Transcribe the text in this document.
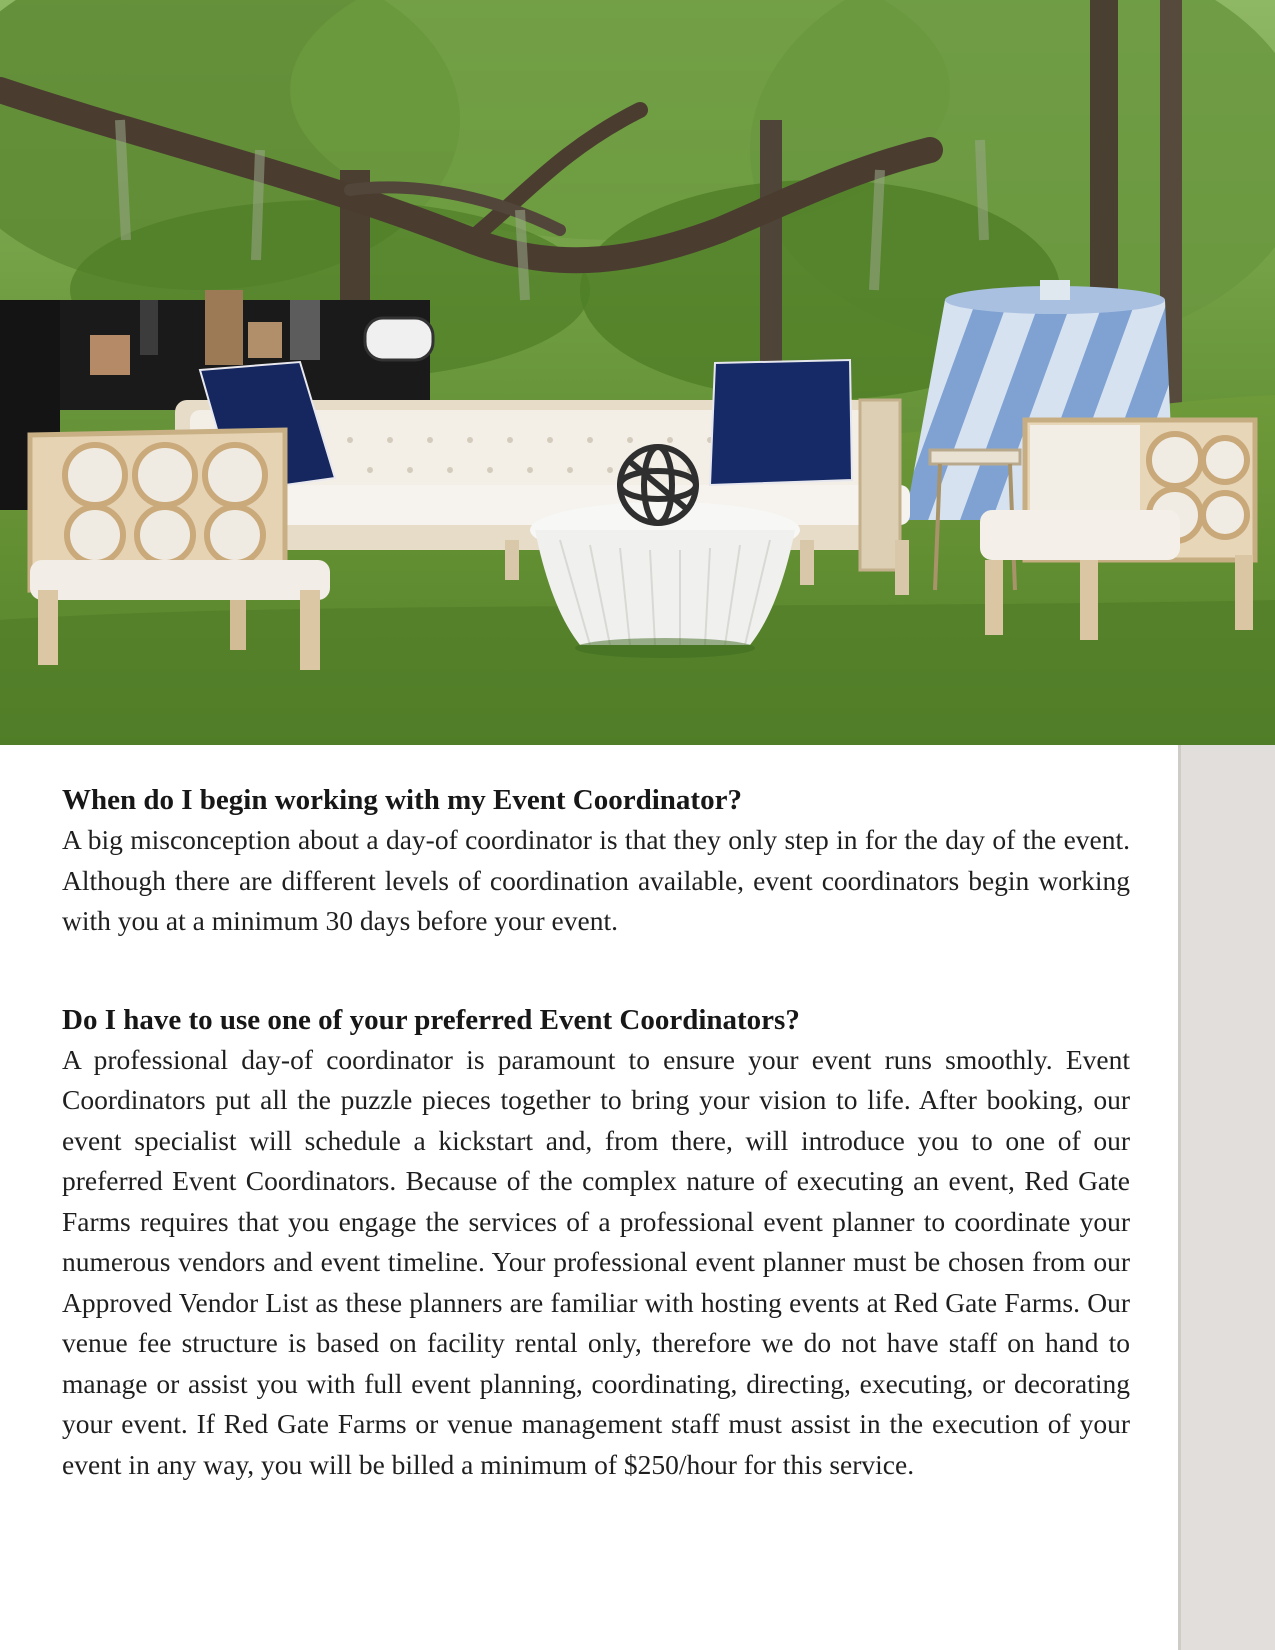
When do I begin working with my Event Coordinator?

A big misconception about a day-of coordinator is that they only step in for the day of the event. Although there are different levels of coordination available, event coordinators begin working with you at a minimum 30 days before your event.

Do I have to use one of your preferred Event Coordinators?

A professional day-of coordinator is paramount to ensure your event runs smoothly. Event Coordinators put all the puzzle pieces together to bring your vision to life. After booking, our event specialist will schedule a kickstart and, from there, will introduce you to one of our preferred Event Coordinators. Because of the complex nature of executing an event, Red Gate Farms requires that you engage the services of a professional event planner to coordinate your numerous vendors and event timeline. Your professional event planner must be chosen from our Approved Vendor List as these planners are familiar with hosting events at Red Gate Farms. Our venue fee structure is based on facility rental only, therefore we do not have staff on hand to manage or assist you with full event planning, coordinating, directing, executing, or decorating your event. If Red Gate Farms or venue management staff must assist in the execution of your event in any way, you will be billed a minimum of $250/hour for this service.
